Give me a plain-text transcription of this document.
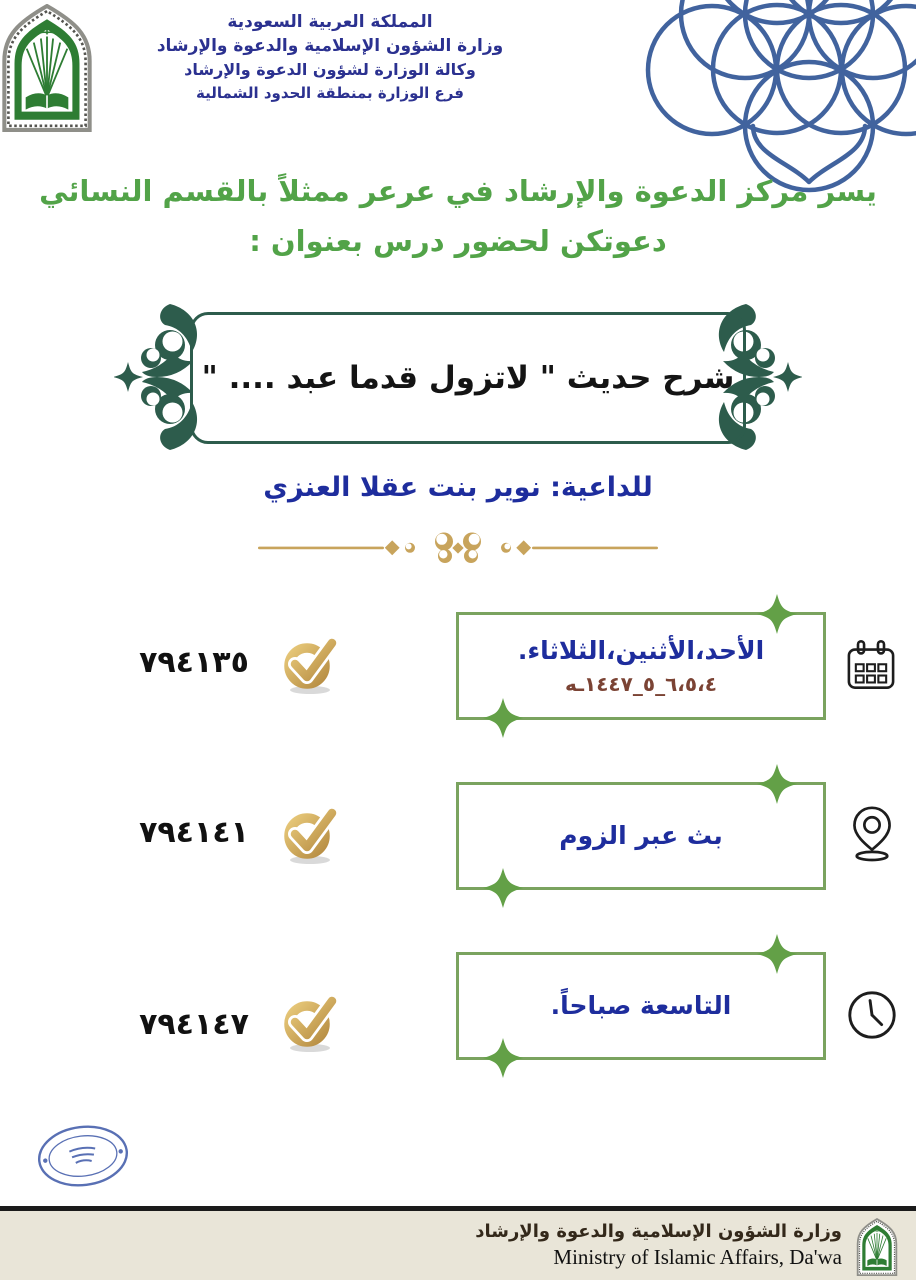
المملكة العربية السعودية
وزارة الشؤون الإسلامية والدعوة والإرشاد
وكالة الوزارة لشؤون الدعوة والإرشاد
فرع الوزارة بمنطقة الحدود الشمالية
يسر مركز الدعوة والإرشاد في عرعر ممثلاً بالقسم النسائي
دعوتكن لحضور درس بعنوان :
شرح حديث " لاتزول قدما عبد .... "
للداعية: نوير بنت عقلا العنزي
الأحد،الأثنين،الثلاثاء.
٤،‏٥،‏٦_٥_١٤٤٧ـه
٧٩٤١٣٥
بث عبر الزوم
٧٩٤١٤١
التاسعة صباحاً.
٧٩٤١٤٧
وزارة الشؤون الإسلامية والدعوة والإرشاد
Ministry of Islamic Affairs, Da'wa
